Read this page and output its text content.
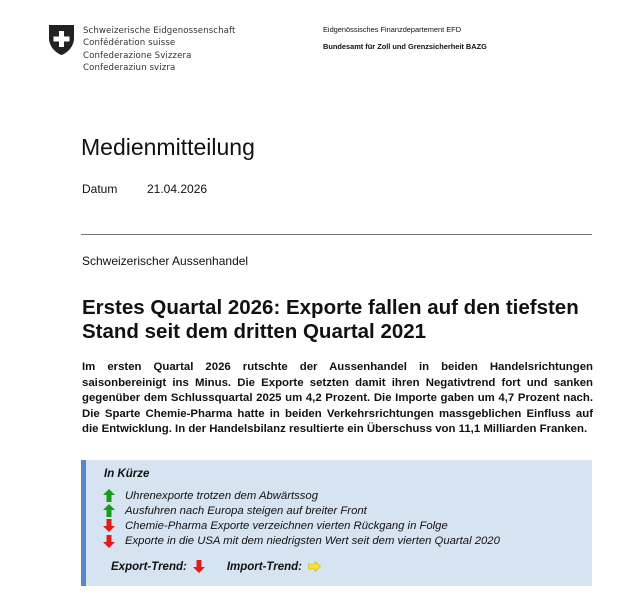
Schweizerische Eidgenossenschaft
Confédération suisse
Confederazione Svizzera
Confederaziun svizra
Eidgenössisches Finanzdepartement EFD
Bundesamt für Zoll und Grenzsicherheit BAZG
Medienmitteilung
Datum 21.04.2026
Schweizerischer Aussenhandel
Erstes Quartal 2026: Exporte fallen auf den tiefsten Stand seit dem dritten Quartal 2021
Im ersten Quartal 2026 rutschte der Aussenhandel in beiden Handelsrichtungen saisonbereinigt ins Minus. Die Exporte setzten damit ihren Negativtrend fort und sanken gegenüber dem Schlussquartal 2025 um 4,2 Prozent. Die Importe gaben um 4,7 Prozent nach. Die Sparte Chemie-Pharma hatte in beiden Verkehrsrichtungen massgeblichen Einfluss auf die Entwicklung. In der Handelsbilanz resultierte ein Überschuss von 11,1 Milliarden Franken.
In Kürze
Uhrenexporte trotzen dem Abwärtssog
Ausfuhren nach Europa steigen auf breiter Front
Chemie-Pharma Exporte verzeichnen vierten Rückgang in Folge
Exporte in die USA mit dem niedrigsten Wert seit dem vierten Quartal 2020
Export-Trend:	Import-Trend:
